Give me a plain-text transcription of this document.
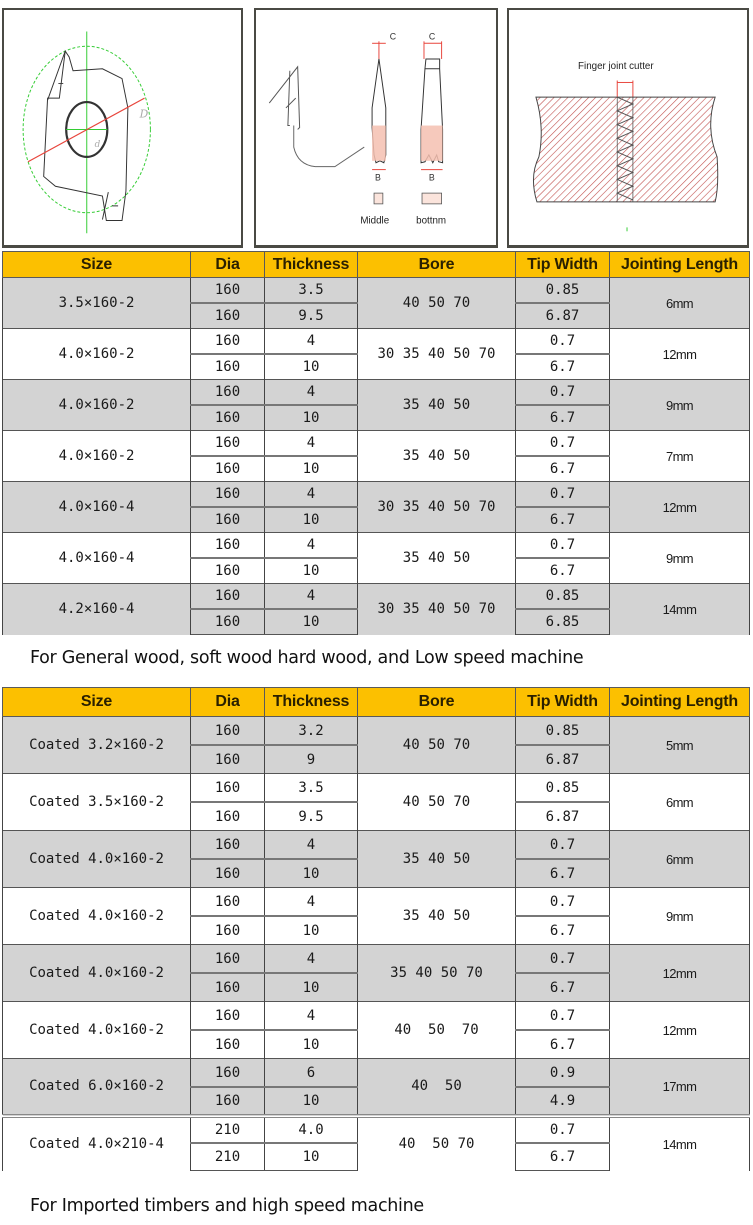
D
d
C
B
Middle
C
B
bottnm
Finger joint cutter
Size	Dia	Thickness	Bore	Tip Width	Jointing Length
3.5×160-2	160	3.5	40 50 70	0.85	6mm
	160	9.5		6.87	
4.0×160-2	160	4	30 35 40 50 70	0.7	12mm
	160	10		6.7	
4.0×160-2	160	4	35 40 50	0.7	9mm
	160	10		6.7	
4.0×160-2	160	4	35 40 50	0.7	7mm
	160	10		6.7	
4.0×160-4	160	4	30 35 40 50 70	0.7	12mm
	160	10		6.7	
4.0×160-4	160	4	35 40 50	0.7	9mm
	160	10		6.7	
4.2×160-4	160	4	30 35 40 50 70	0.85	14mm
	160	10		6.85	
For General wood, soft wood hard wood, and Low speed machine
Size	Dia	Thickness	Bore	Tip Width	Jointing Length
Coated 3.2×160-2	160	3.2	40 50 70	0.85	5mm
	160	9		6.87	
Coated 3.5×160-2	160	3.5	40 50 70	0.85	6mm
	160	9.5		6.87	
Coated 4.0×160-2	160	4	35 40 50	0.7	6mm
	160	10		6.7	
Coated 4.0×160-2	160	4	35 40 50	0.7	9mm
	160	10		6.7	
Coated 4.0×160-2	160	4	35 40 50 70	0.7	12mm
	160	10		6.7	
Coated 4.0×160-2	160	4	40  50  70	0.7	12mm
	160	10		6.7	
Coated 6.0×160-2	160	6	40  50	0.9	17mm
	160	10		4.9	
Coated 4.0×210-4	210	4.0	40  50 70	0.7	14mm
	210	10		6.7	
For Imported timbers and high speed machine
